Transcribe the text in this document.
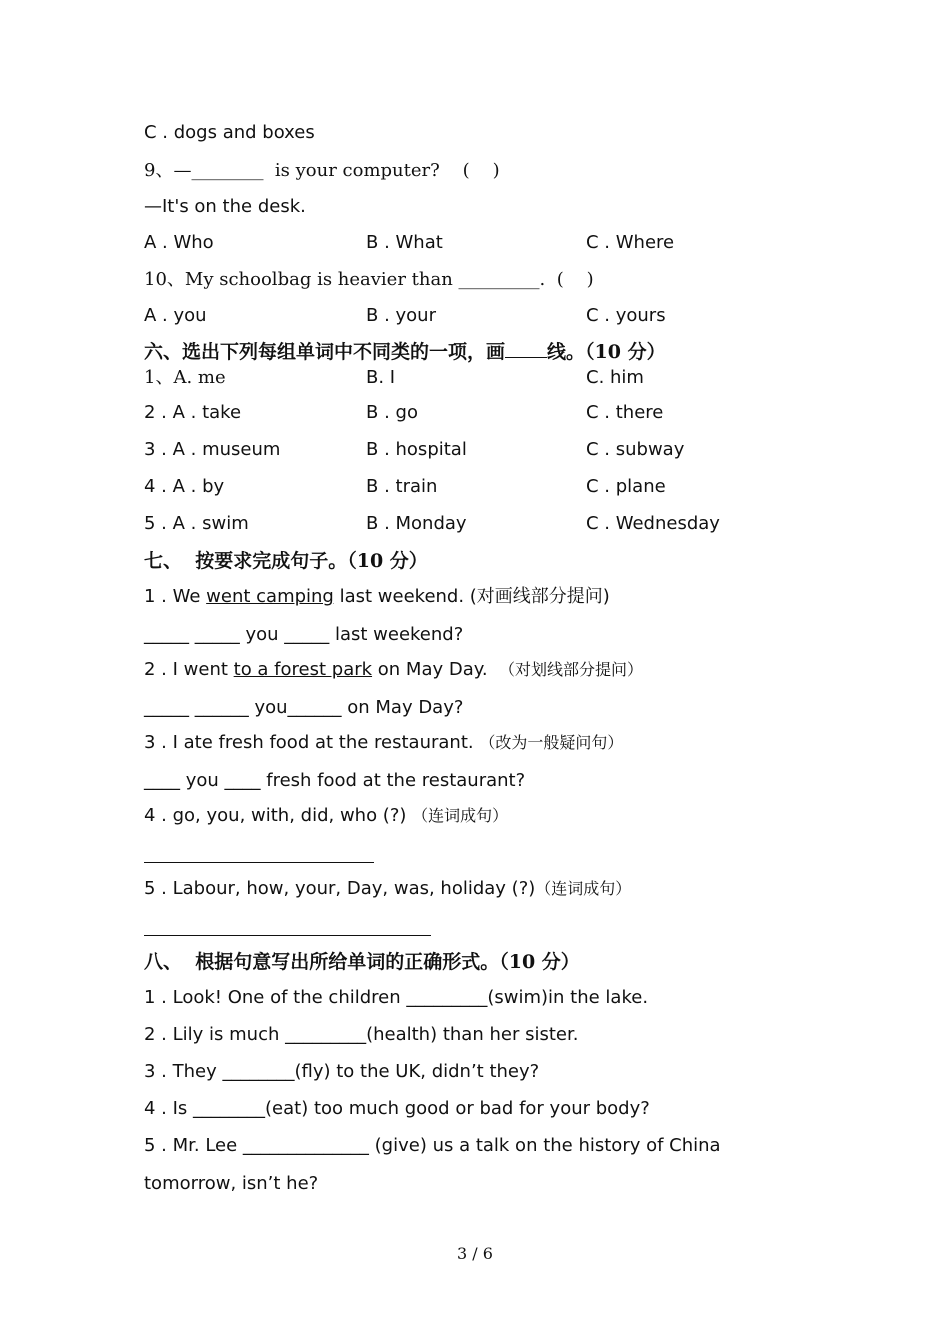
C . dogs and boxes
9、—________  is your computer?    (    )
—It's on the desk.
A . Who	B . What	C . Where
10、My schoolbag is heavier than _________.  (    )
A . you	B . your	C . yours
六、选出下列每组单词中不同类的一项，画 线。（10 分）
1、A. me	B. I	C. him
2 . A . take	B . go	C . there
3 . A . museum	B . hospital	C . subway
4 . A . by	B . train	C . plane
5 . A . swim	B . Monday	C . Wednesday
七、  按要求完成句子。（10 分）
1 . We went camping last weekend. (对画线部分提问)
_____ _____ you _____ last weekend?
2 . I went to a forest park on May Day.  （对划线部分提问）
_____ ______ you______ on May Day?
3 . I ate fresh food at the restaurant. （改为一般疑问句）
____ you ____ fresh food at the restaurant?
4 . go, you, with, did, who (?) （连词成句）
5 . Labour, how, your, Day, was, holiday (?)（连词成句）
八、  根据句意写出所给单词的正确形式。（10 分）
1 . Look! One of the children _________(swim)in the lake.
2 . Lily is much _________(health) than her sister.
3 . They ________(fly) to the UK, didn’t they?
4 . Is ________(eat) too much good or bad for your body?
5 . Mr. Lee ______________ (give) us a talk on the history of China
tomorrow, isn’t he?
3 / 6
